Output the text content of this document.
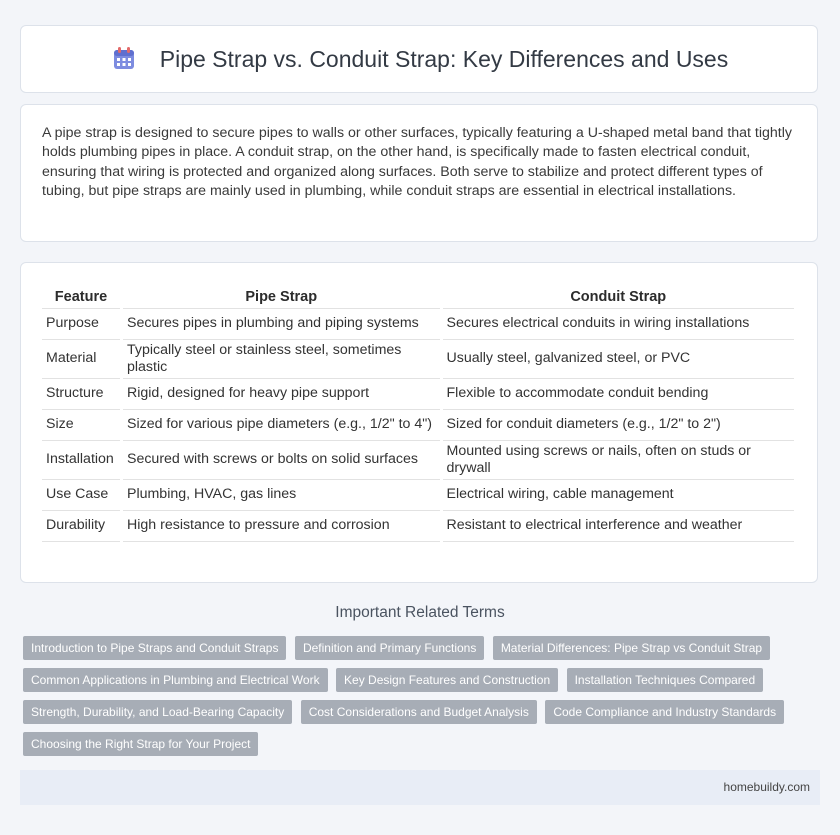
Pipe Strap vs. Conduit Strap: Key Differences and Uses

A pipe strap is designed to secure pipes to walls or other surfaces, typically featuring a U-shaped metal band that tightly holds plumbing pipes in place. A conduit strap, on the other hand, is specifically made to fasten electrical conduit, ensuring that wiring is protected and organized along surfaces. Both serve to stabilize and protect different types of tubing, but pipe straps are mainly used in plumbing, while conduit straps are essential in electrical installations.

Feature	Pipe Strap	Conduit Strap
Purpose	Secures pipes in plumbing and piping systems	Secures electrical conduits in wiring installations
Material	Typically steel or stainless steel, sometimes plastic	Usually steel, galvanized steel, or PVC
Structure	Rigid, designed for heavy pipe support	Flexible to accommodate conduit bending
Size	Sized for various pipe diameters (e.g., 1/2" to 4")	Sized for conduit diameters (e.g., 1/2" to 2")
Installation	Secured with screws or bolts on solid surfaces	Mounted using screws or nails, often on studs or drywall
Use Case	Plumbing, HVAC, gas lines	Electrical wiring, cable management
Durability	High resistance to pressure and corrosion	Resistant to electrical interference and weather
Important Related Terms
Introduction to Pipe Straps and Conduit Straps Definition and Primary Functions Material Differences: Pipe Strap vs Conduit Strap Common Applications in Plumbing and Electrical Work Key Design Features and Construction Installation Techniques Compared Strength, Durability, and Load-Bearing Capacity Cost Considerations and Budget Analysis Code Compliance and Industry Standards Choosing the Right Strap for Your Project
homebuildy.com
